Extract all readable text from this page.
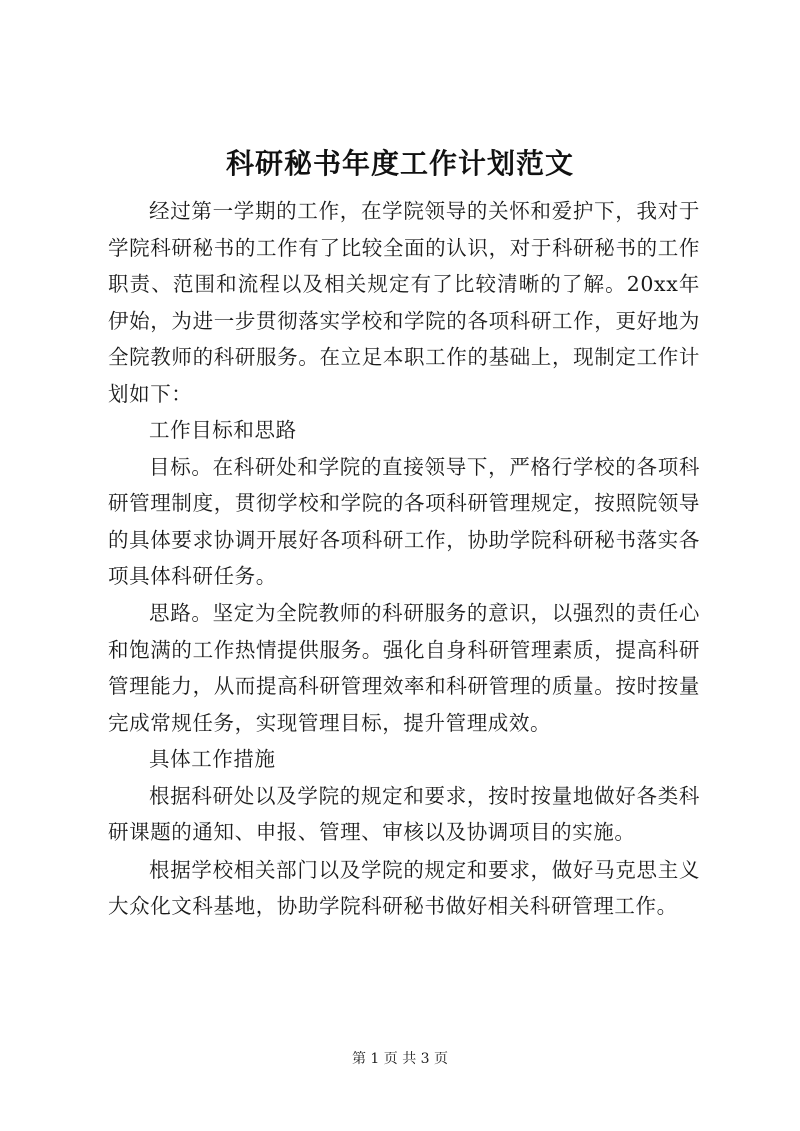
科研秘书年度工作计划范文

经过第一学期的工作，在学院领导的关怀和爱护下，我对于学院科研秘书的工作有了比较全面的认识，对于科研秘书的工作职责、范围和流程以及相关规定有了比较清晰的了解。20xx年伊始，为进一步贯彻落实学校和学院的各项科研工作，更好地为全院教师的科研服务。在立足本职工作的基础上，现制定工作计划如下：

工作目标和思路

目标。在科研处和学院的直接领导下，严格行学校的各项科研管理制度，贯彻学校和学院的各项科研管理规定，按照院领导的具体要求协调开展好各项科研工作，协助学院科研秘书落实各项具体科研任务。

思路。坚定为全院教师的科研服务的意识，以强烈的责任心和饱满的工作热情提供服务。强化自身科研管理素质，提高科研管理能力，从而提高科研管理效率和科研管理的质量。按时按量完成常规任务，实现管理目标，提升管理成效。

具体工作措施

根据科研处以及学院的规定和要求，按时按量地做好各类科研课题的通知、申报、管理、审核以及协调项目的实施。

根据学校相关部门以及学院的规定和要求，做好马克思主义大众化文科基地，协助学院科研秘书做好相关科研管理工作。

第 1 页 共 3 页
